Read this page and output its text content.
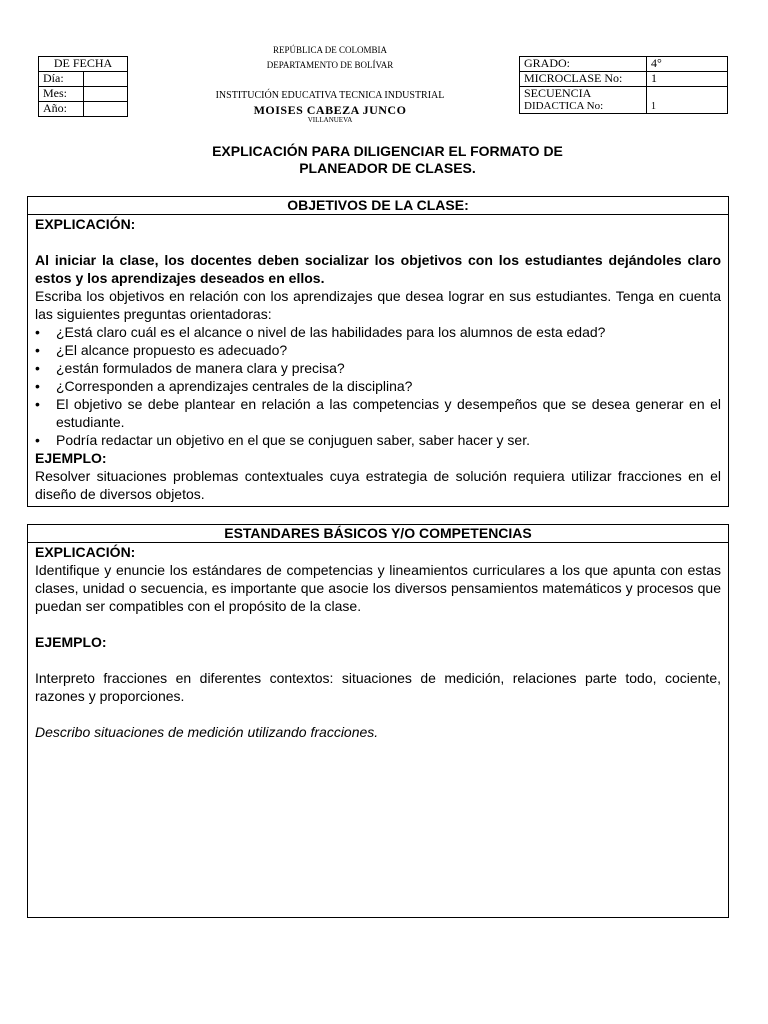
DE FECHA	
Día:	
Mes:	
Año:	
REPÚBLICA DE COLOMBIA
DEPARTAMENTO DE BOLÍVAR
INSTITUCIÓN EDUCATIVA TECNICA INDUSTRIAL
MOISES CABEZA JUNCO
VILLANUEVA
GRADO:	4°
MICROCLASE No:	1

SECUENCIA
DIDACTICA No:	1
EXPLICACIÓN PARA DILIGENCIAR EL FORMATO DE
PLANEADOR DE CLASES.
OBJETIVOS DE LA CLASE:
EXPLICACIÓN:
Al iniciar la clase, los docentes deben socializar los objetivos con los estudiantes dejándoles claro estos y los aprendizajes deseados en ellos.
Escriba los objetivos en relación con los aprendizajes que desea lograr en sus estudiantes. Tenga en cuenta las siguientes preguntas orientadoras:
• ¿Está claro cuál es el alcance o nivel de las habilidades para los alumnos de esta edad?
• ¿El alcance propuesto es adecuado?
• ¿están formulados de manera clara y precisa?
• ¿Corresponden a aprendizajes centrales de la disciplina?
• El objetivo se debe plantear en relación a las competencias y desempeños que se desea generar en el estudiante.
• Podría redactar un objetivo en el que se conjuguen saber, saber hacer y ser.
EJEMPLO:
Resolver situaciones problemas contextuales cuya estrategia de solución requiera utilizar fracciones en el diseño de diversos objetos.
ESTANDARES BÁSICOS Y/O COMPETENCIAS
EXPLICACIÓN:
Identifique y enuncie los estándares de competencias y lineamientos curriculares a los que apunta con estas clases, unidad o secuencia, es importante que asocie los diversos pensamientos matemáticos y procesos que puedan ser compatibles con el propósito de la clase.
EJEMPLO:
Interpreto fracciones en diferentes contextos: situaciones de medición, relaciones parte todo, cociente, razones y proporciones.
Describo situaciones de medición utilizando fracciones.
